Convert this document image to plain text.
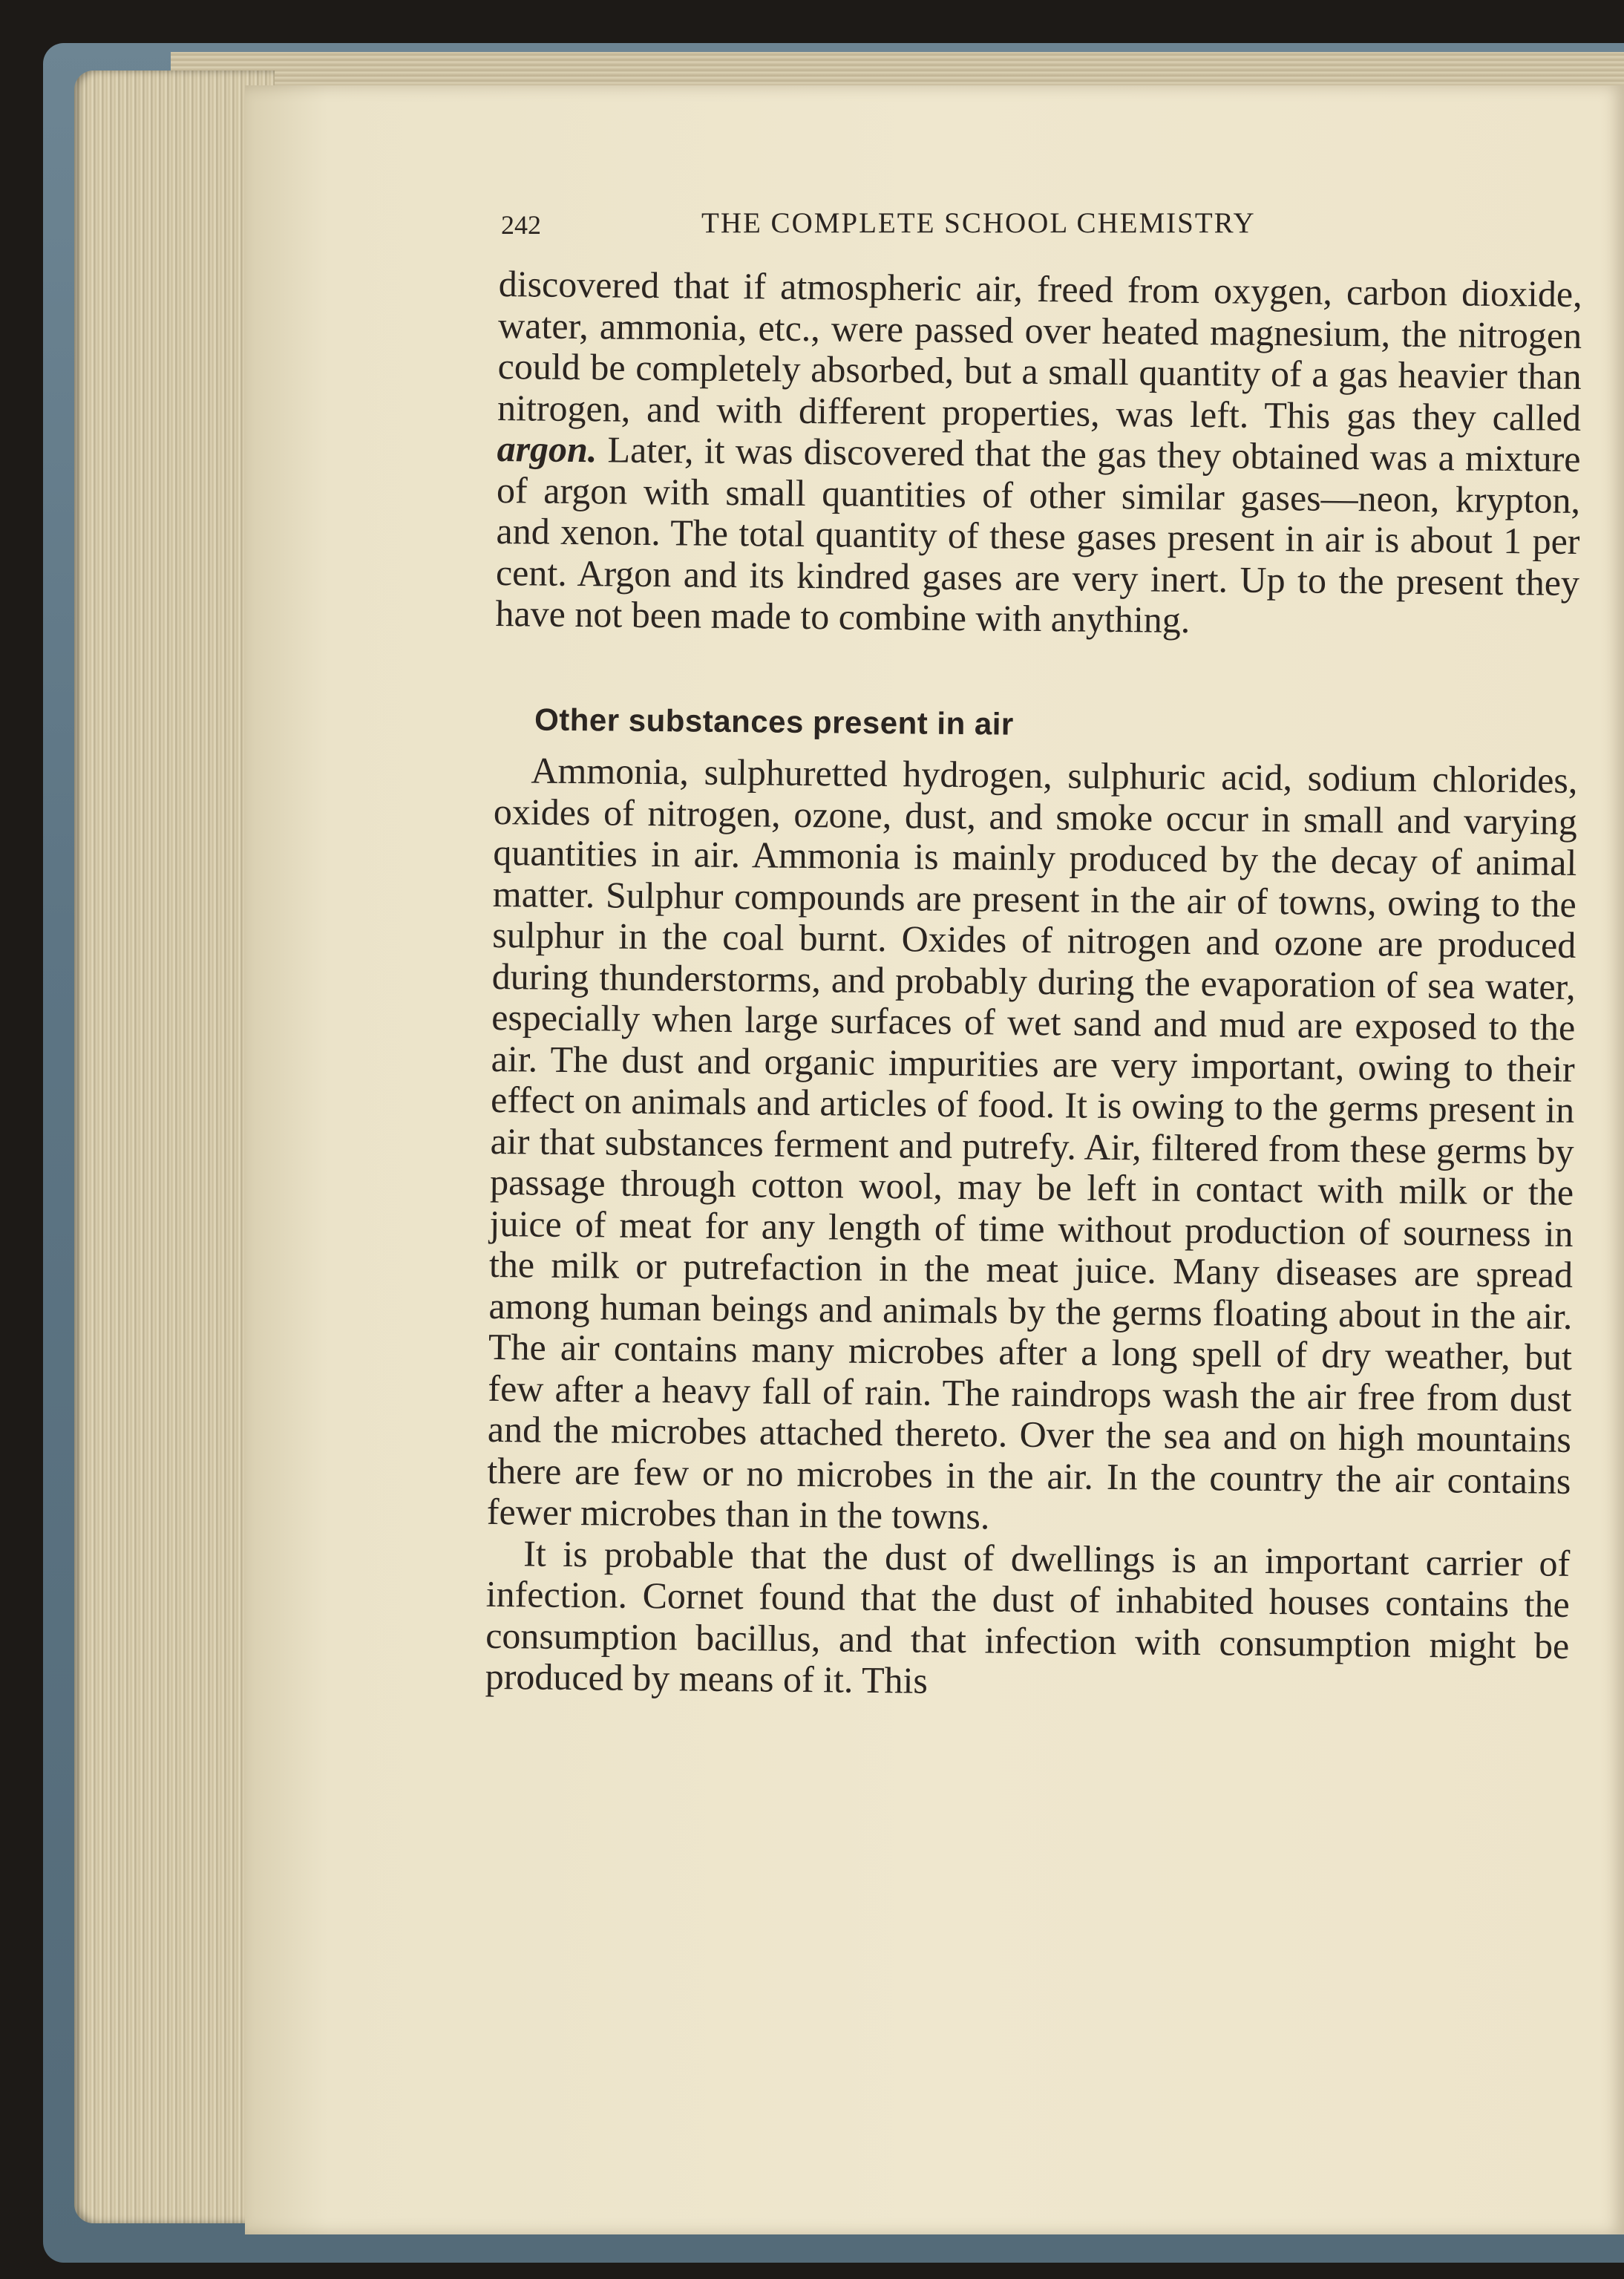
242	THE COMPLETE SCHOOL CHEMISTRY

discovered that if atmospheric air, freed from oxygen, carbon dioxide, water, ammonia, etc., were passed over heated magnesium, the nitrogen could be completely absorbed, but a small quantity of a gas heavier than nitrogen, and with different properties, was left. This gas they called argon. Later, it was discovered that the gas they obtained was a mixture of argon with small quantities of other similar gases—neon, krypton, and xenon. The total quantity of these gases present in air is about 1 per cent. Argon and its kindred gases are very inert. Up to the present they have not been made to combine with anything.

Other substances present in air

Ammonia, sulphuretted hydrogen, sulphuric acid, sodium chlorides, oxides of nitrogen, ozone, dust, and smoke occur in small and varying quantities in air. Ammonia is mainly produced by the decay of animal matter. Sulphur compounds are present in the air of towns, owing to the sulphur in the coal burnt. Oxides of nitrogen and ozone are produced during thunderstorms, and probably during the evaporation of sea water, especially when large surfaces of wet sand and mud are exposed to the air. The dust and organic impurities are very important, owing to their effect on animals and articles of food. It is owing to the germs present in air that substances ferment and putrefy. Air, filtered from these germs by passage through cotton wool, may be left in contact with milk or the juice of meat for any length of time without production of sourness in the milk or putrefaction in the meat juice. Many diseases are spread among human beings and animals by the germs floating about in the air. The air contains many microbes after a long spell of dry weather, but few after a heavy fall of rain. The raindrops wash the air free from dust and the microbes attached thereto. Over the sea and on high mountains there are few or no microbes in the air. In the country the air contains fewer microbes than in the towns.

It is probable that the dust of dwellings is an important carrier of infection. Cornet found that the dust of inhabited houses contains the consumption bacillus, and that infection with consumption might be produced by means of it. This
